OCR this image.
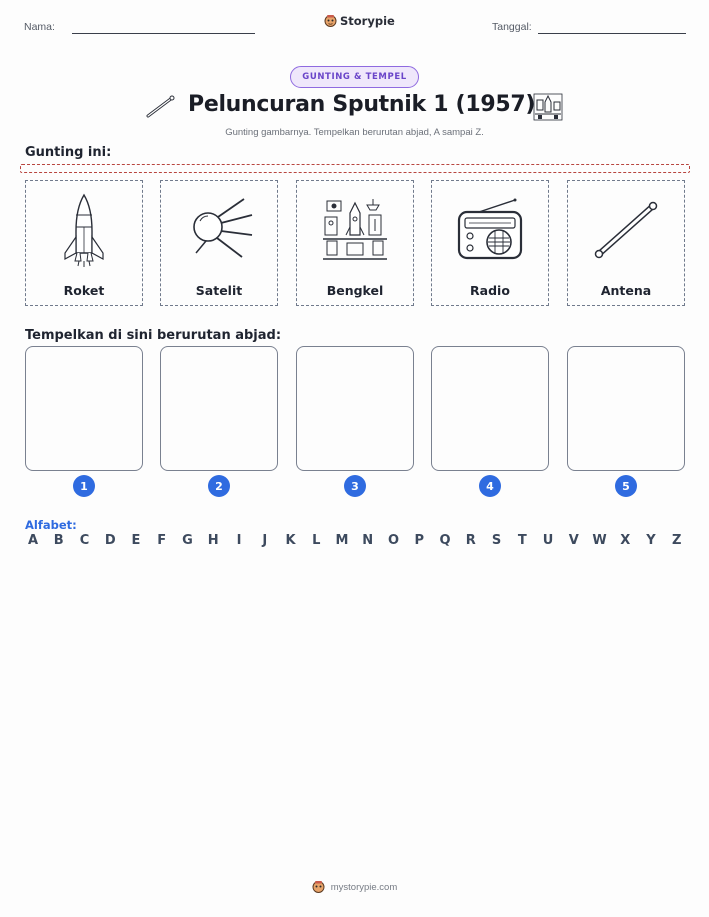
Nama:	Storypie	Tanggal:
GUNTING & TEMPEL
Peluncuran Sputnik 1 (1957)
Gunting gambarnya. Tempelkan berurutan abjad, A sampai Z.
Gunting ini:
Roket	Satelit	Bengkel	Radio	Antena
Tempelkan di sini berurutan abjad:
1	2	3	4	5
Alfabet:
A B C D E F G H	I	J	K L M N O P Q R S T U V W X Y Z
mystorypie.com
